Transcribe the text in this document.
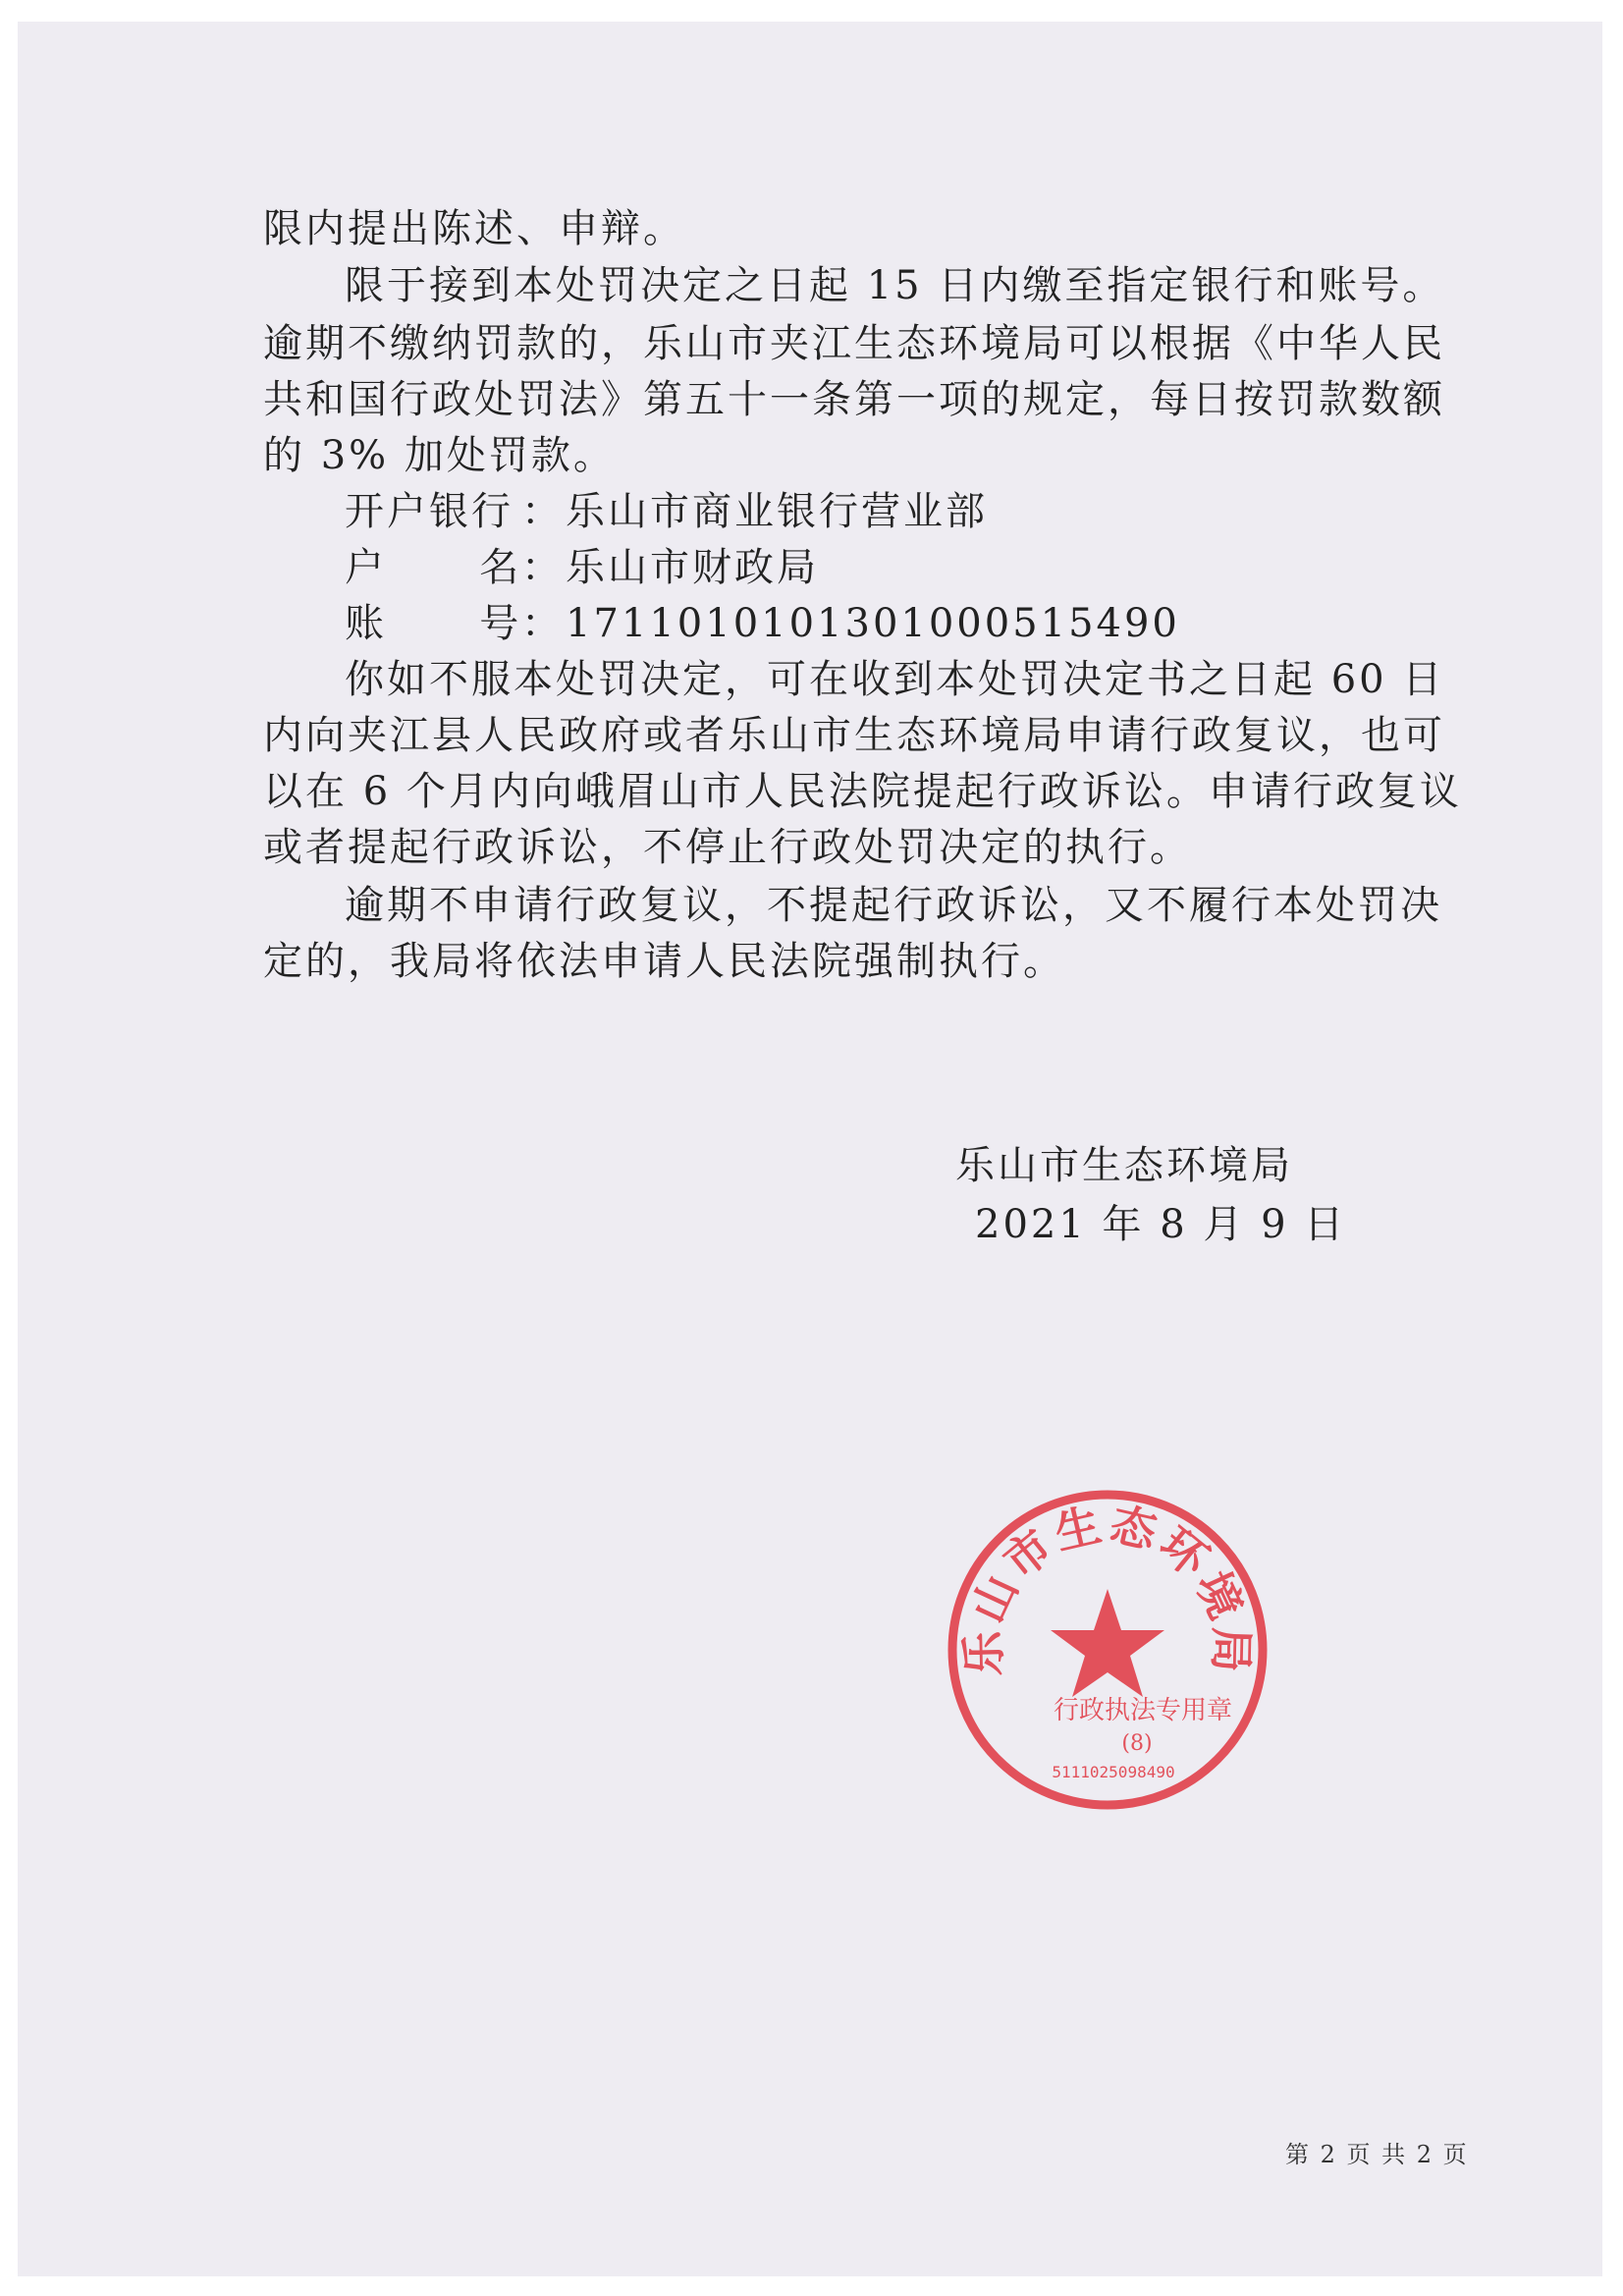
限内提出陈述、申辩。
限于接到本处罚决定之日起 15 日内缴至指定银行和账号。
逾期不缴纳罚款的，乐山市夹江生态环境局可以根据《中华人民
共和国行政处罚法》第五十一条第一项的规定，每日按罚款数额
的 3% 加处罚款。
开户银行 ： 乐山市商业银行营业部
户      名 ： 乐山市财政局
账      号 ： 171101010130100051549​0
你如不服本处罚决定，可在收到本处罚决定书之日起 60 日
内向夹江县人民政府或者乐山市生态环境局申请行政复议，也可
以在 6 个月内向峨眉山市人民法院提起行政诉讼。申请行政复议
或者提起行政诉讼，不停止行政处罚决定的执行。
逾期不申请行政复议，不提起行政诉讼，又不履行本处罚决
定的，我局将依法申请人民法院强制执行。
乐山市生态环境局
行政执法专用章
(8)
5111025098490
乐山市生态环境局
2021 年 8 月 9 日
第 2 页 共 2 页
